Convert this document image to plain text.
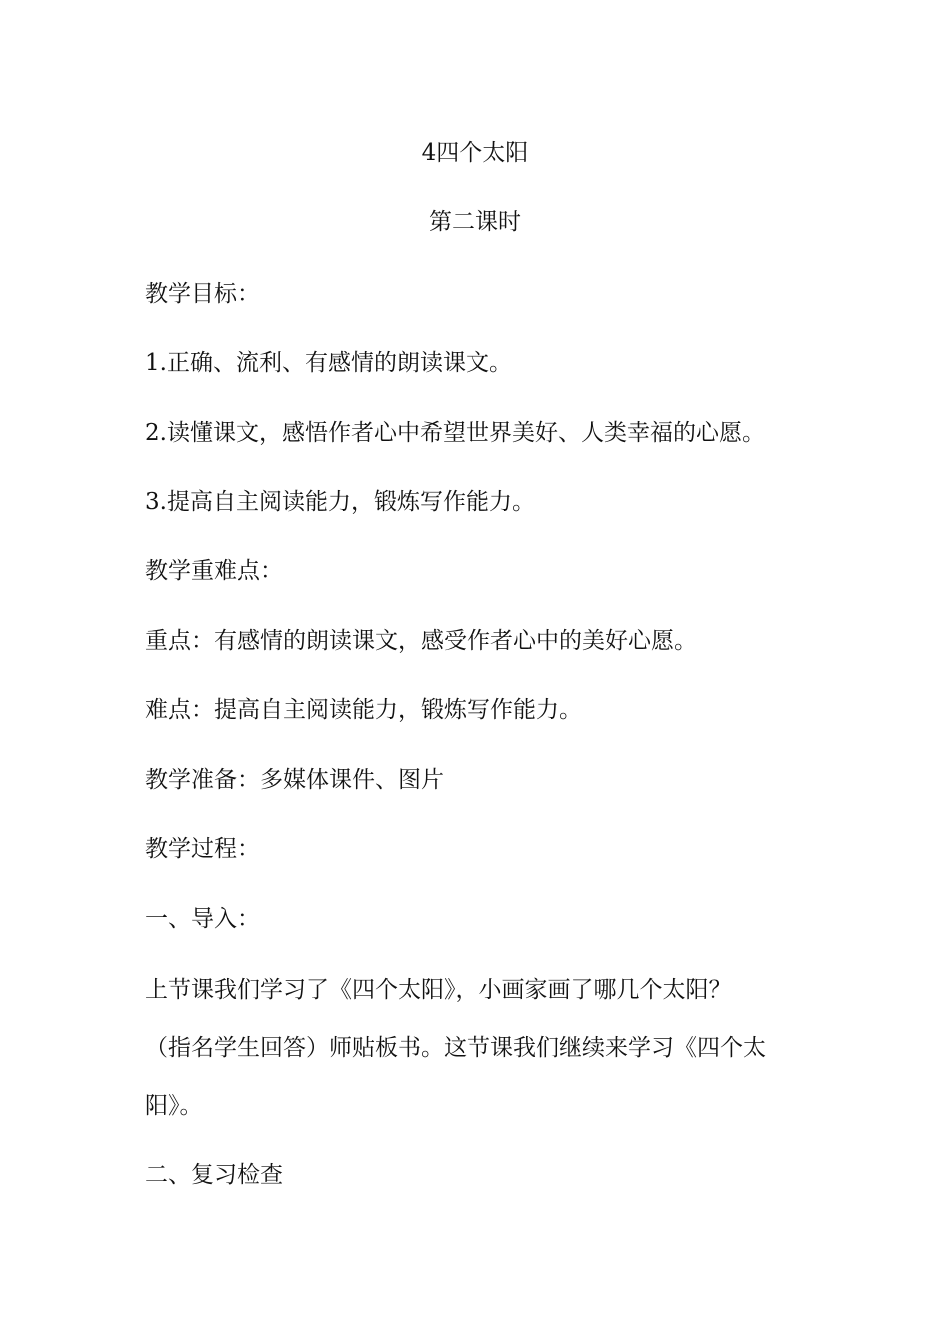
4四个太阳

第二课时

教学目标：

1.正确、流利、有感情的朗读课文。

2.读懂课文，感悟作者心中希望世界美好、人类幸福的心愿。

3.提高自主阅读能力，锻炼写作能力。

教学重难点：

重点：有感情的朗读课文，感受作者心中的美好心愿。

难点：提高自主阅读能力，锻炼写作能力。

教学准备：多媒体课件、图片

教学过程：

一、导入：

上节课我们学习了《四个太阳》，小画家画了哪几个太阳？

（指名学生回答）师贴板书。这节课我们继续来学习《四个太

阳》。

二、复习检查
